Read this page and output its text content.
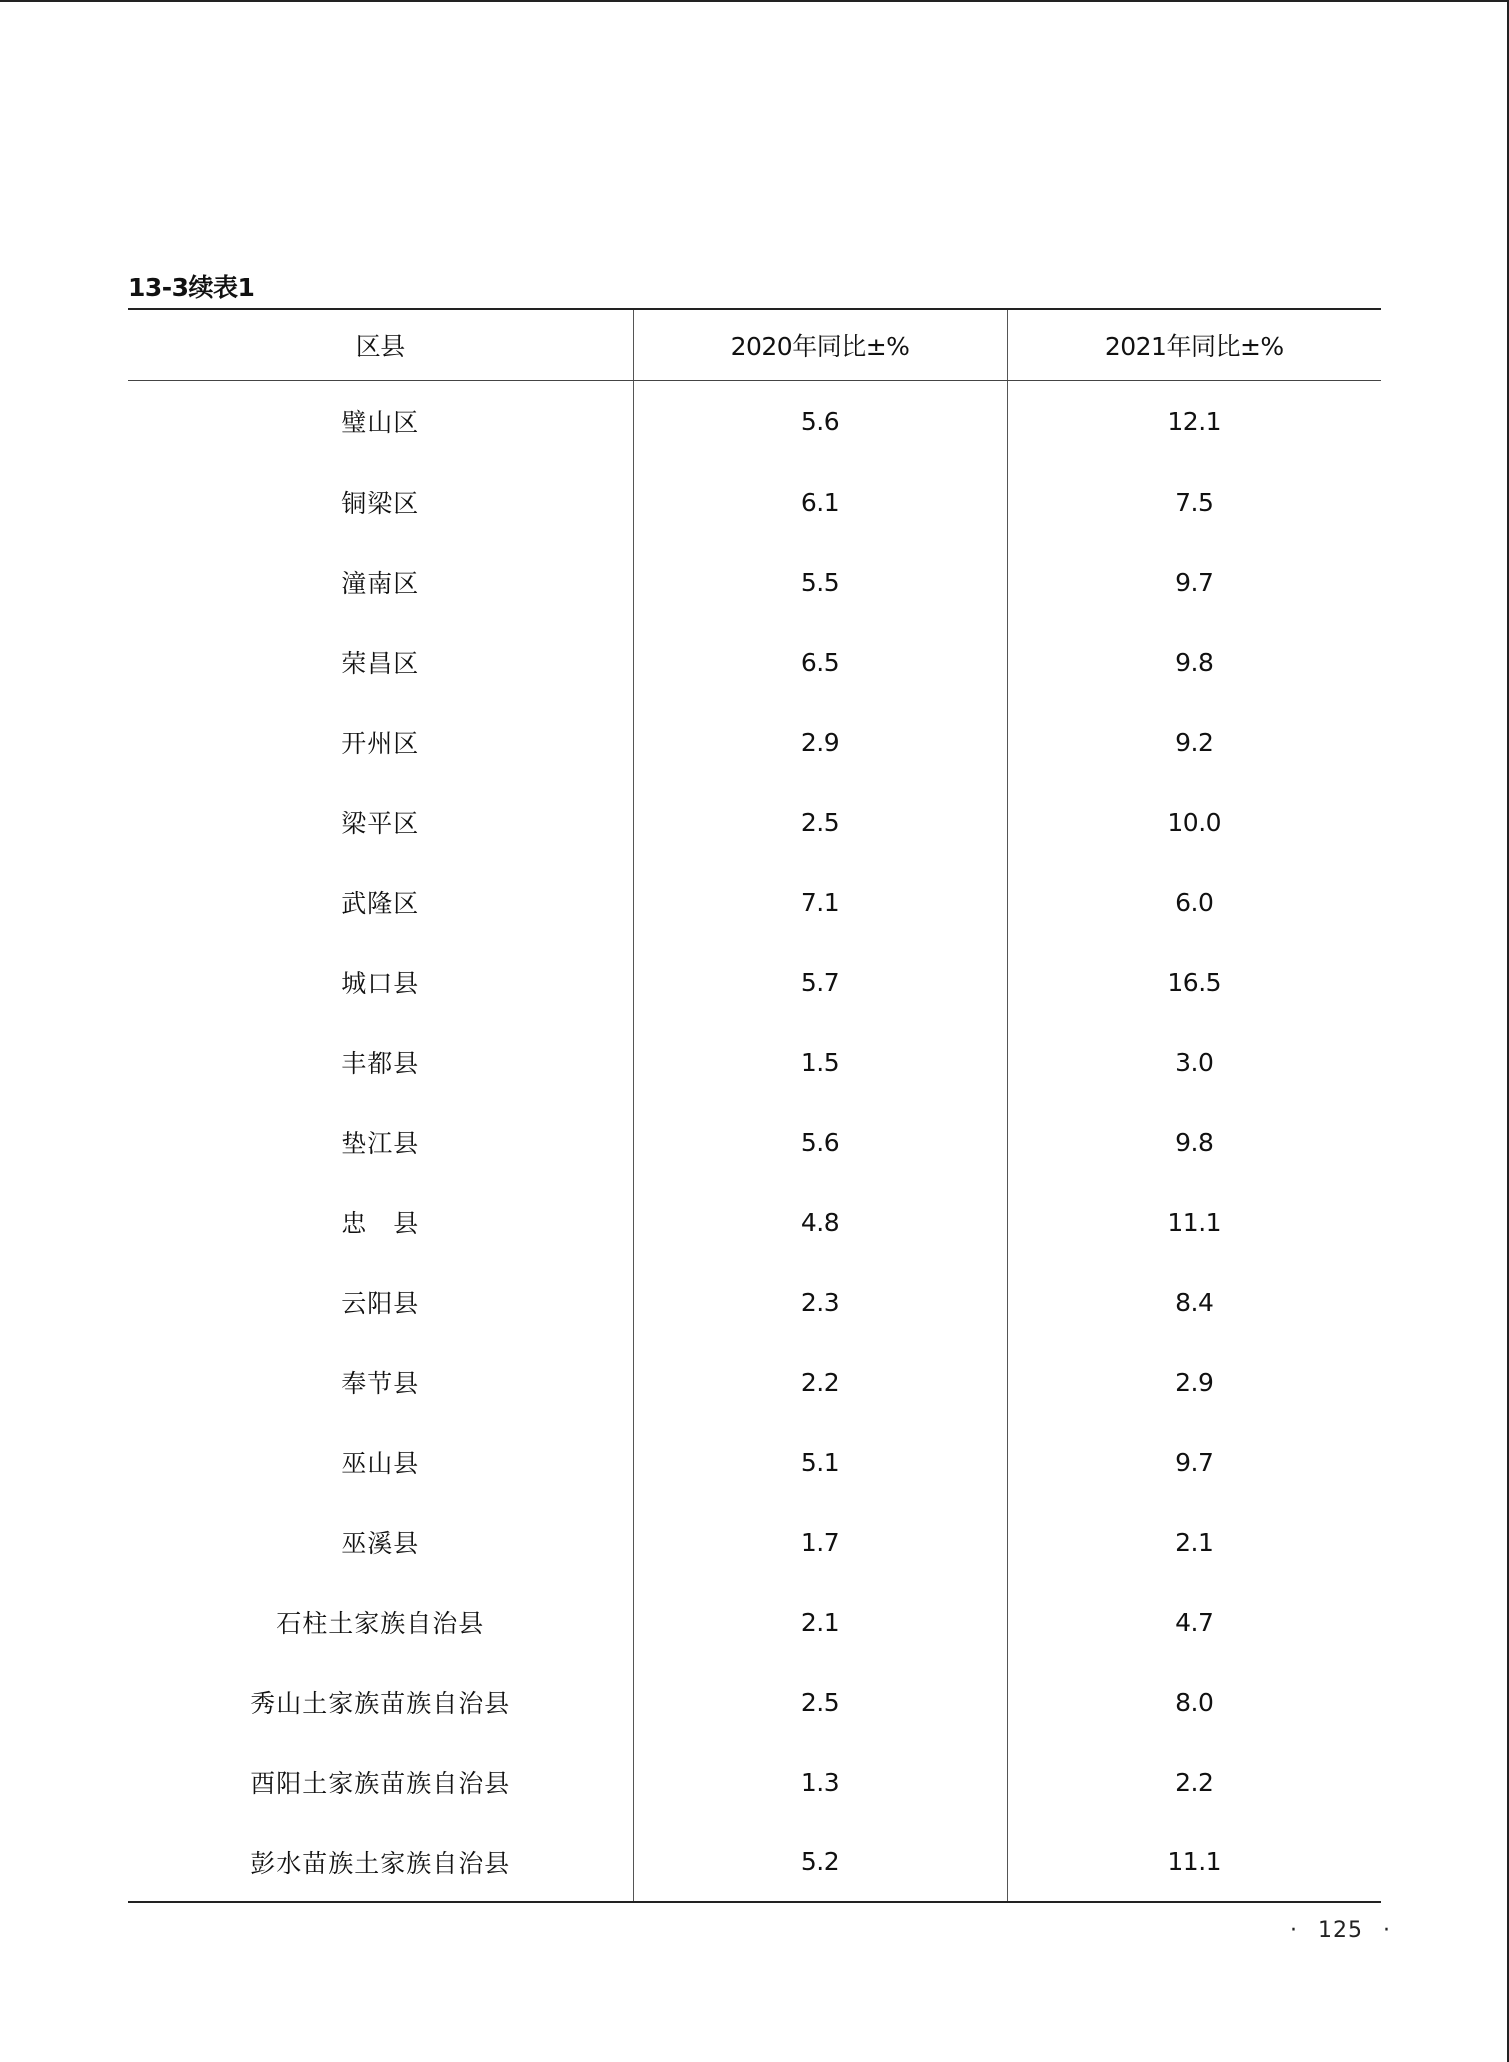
13-3续表1
区县	2020年同比±%	2021年同比±%
璧山区	5.6	12.1
铜梁区	6.1	7.5
潼南区	5.5	9.7
荣昌区	6.5	9.8
开州区	2.9	9.2
梁平区	2.5	10.0
武隆区	7.1	6.0
城口县	5.7	16.5
丰都县	1.5	3.0
垫江县	5.6	9.8
忠　县	4.8	11.1
云阳县	2.3	8.4
奉节县	2.2	2.9
巫山县	5.1	9.7
巫溪县	1.7	2.1
石柱土家族自治县	2.1	4.7
秀山土家族苗族自治县	2.5	8.0
酉阳土家族苗族自治县	1.3	2.2
彭水苗族土家族自治县	5.2	11.1
· 125 ·
